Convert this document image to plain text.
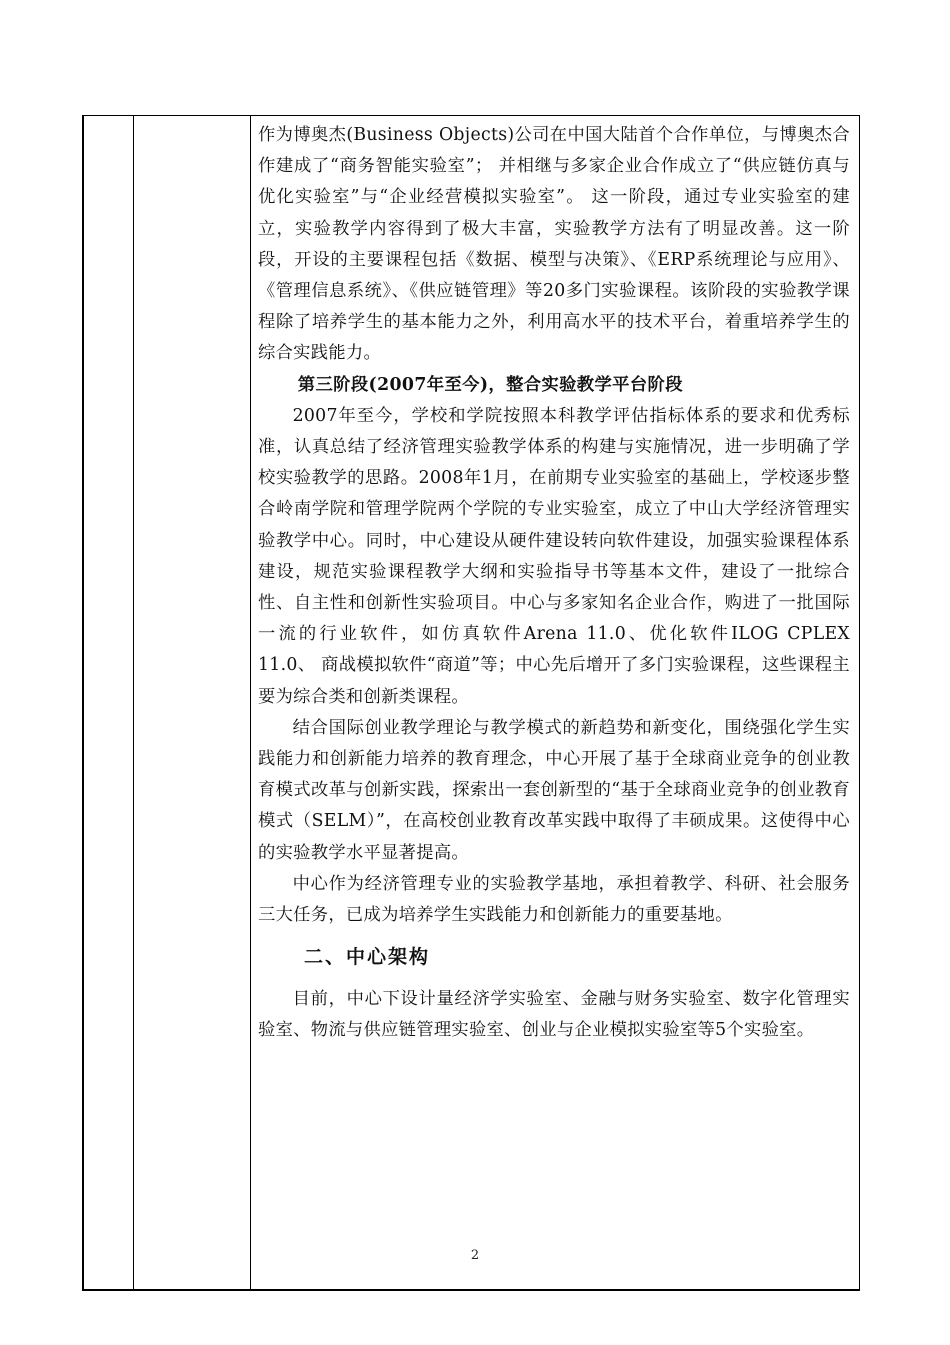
作为博奥杰(Business Objects)公司在中国大陆首个合作单位，与博奥杰合作建成了“商务智能实验室”； 并相继与多家企业合作成立了“供应链仿真与优化实验室”与“企业经营模拟实验室”。 这一阶段，通过专业实验室的建立，实验教学内容得到了极大丰富，实验教学方法有了明显改善。这一阶段，开设的主要课程包括《数据、模型与决策》、《ERP系统理论与应用》、《管理信息系统》、《供应链管理》等20多门实验课程。该阶段的实验教学课程除了培养学生的基本能力之外，利用高水平的技术平台，着重培养学生的综合实践能力。

第三阶段(2007年至今)，整合实验教学平台阶段

2007年至今，学校和学院按照本科教学评估指标体系的要求和优秀标准，认真总结了经济管理实验教学体系的构建与实施情况，进一步明确了学校实验教学的思路。2008年1月，在前期专业实验室的基础上，学校逐步整合岭南学院和管理学院两个学院的专业实验室，成立了中山大学经济管理实验教学中心。同时，中心建设从硬件建设转向软件建设，加强实验课程体系建设，规范实验课程教学大纲和实验指导书等基本文件，建设了一批综合性、自主性和创新性实验项目。中心与多家知名企业合作，购进了一批国际一流的行业软件，如仿真软件Arena 11.0、优化软件ILOG CPLEX 11.0、 商战模拟软件“商道”等；中心先后增开了多门实验课程，这些课程主要为综合类和创新类课程。

结合国际创业教学理论与教学模式的新趋势和新变化，围绕强化学生实践能力和创新能力培养的教育理念，中心开展了基于全球商业竞争的创业教育模式改革与创新实践，探索出一套创新型的“基于全球商业竞争的创业教育模式（SELM）”，在高校创业教育改革实践中取得了丰硕成果。这使得中心的实验教学水平显著提高。

中心作为经济管理专业的实验教学基地，承担着教学、科研、社会服务三大任务，已成为培养学生实践能力和创新能力的重要基地。

二、中心架构

目前，中心下设计量经济学实验室、金融与财务实验室、数字化管理实验室、物流与供应链管理实验室、创业与企业模拟实验室等5个实验室。

2
